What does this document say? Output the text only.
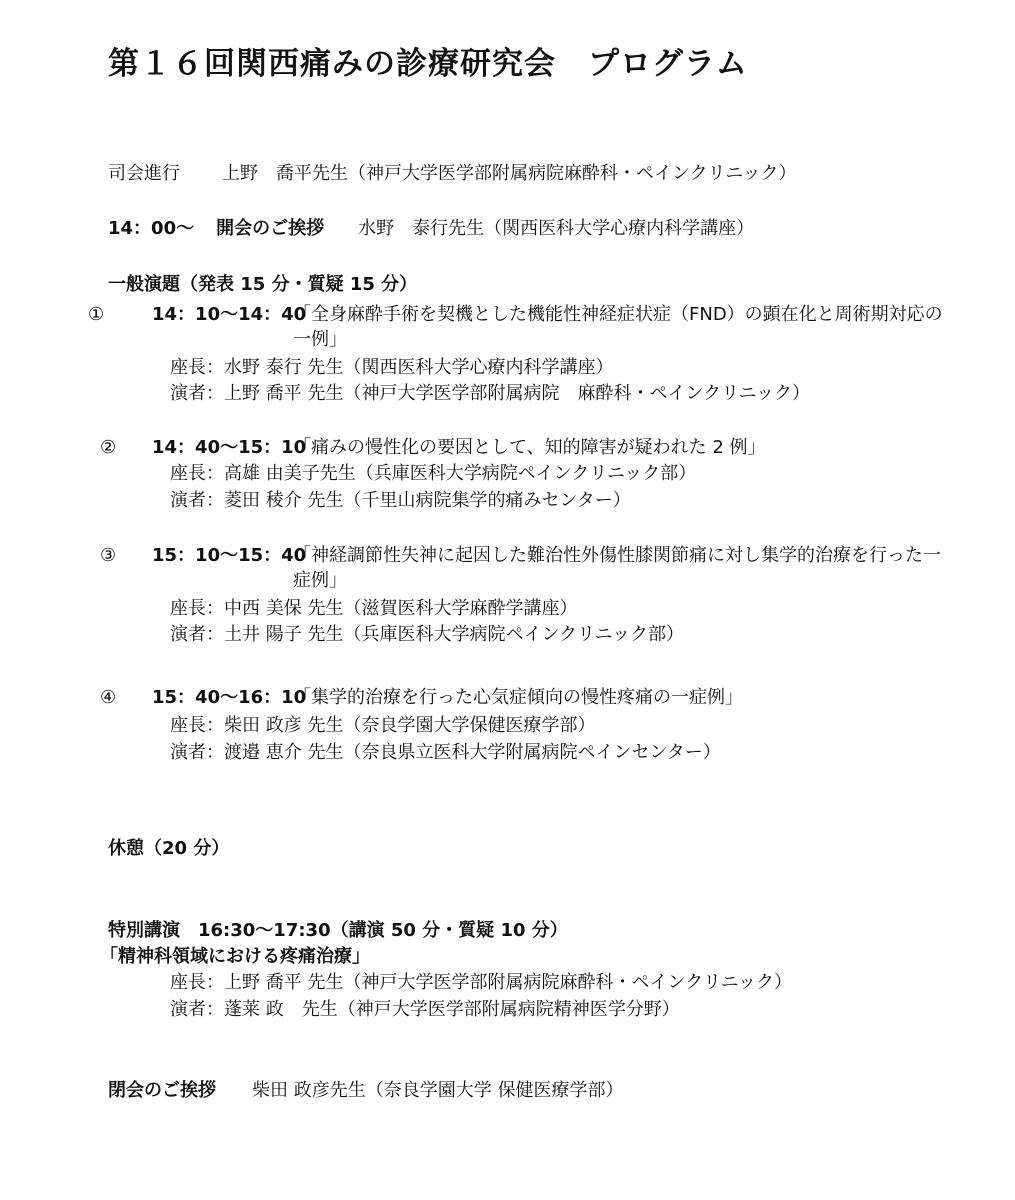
第１６回関西痛みの診療研究会　プログラム
司会進行 上野　喬平先生（神戸大学医学部附属病院麻酔科・ペインクリニック）
14：00～ 開会のご挨拶 水野　泰行先生（関西医科大学心療内科学講座）
一般演題（発表 15 分・質疑 15 分）
①	14：10～14：40
「全身麻酔手術を契機とした機能性神経症状症（FND）の顕在化と周術期対応の一例」
座長：水野 泰行 先生（関西医科大学心療内科学講座）
演者：上野 喬平 先生（神戸大学医学部附属病院　麻酔科・ペインクリニック）
② 14：40～15：10
「痛みの慢性化の要因として、知的障害が疑われた 2 例」
座長：高雄 由美子先生（兵庫医科大学病院ペインクリニック部）
演者：菱田 稜介 先生（千里山病院集学的痛みセンター）
③ 15：10～15：40
「神経調節性失神に起因した難治性外傷性膝関節痛に対し集学的治療を行った一症例」
座長：中西 美保 先生（滋賀医科大学麻酔学講座）
演者：土井 陽子 先生（兵庫医科大学病院ペインクリニック部）
④ 15：40～16：10
「集学的治療を行った心気症傾向の慢性疼痛の一症例」
座長：柴田 政彦 先生（奈良学園大学保健医療学部）
演者：渡邉 恵介 先生（奈良県立医科大学附属病院ペインセンター）
休憩（20 分）
特別講演　16:30～17:30（講演 50 分・質疑 10 分）
「精神科領域における疼痛治療」
座長：上野 喬平 先生（神戸大学医学部附属病院麻酔科・ペインクリニック）
演者：蓬莱 政　先生（神戸大学医学部附属病院精神医学分野）
閉会のご挨拶 柴田 政彦先生（奈良学園大学 保健医療学部）
